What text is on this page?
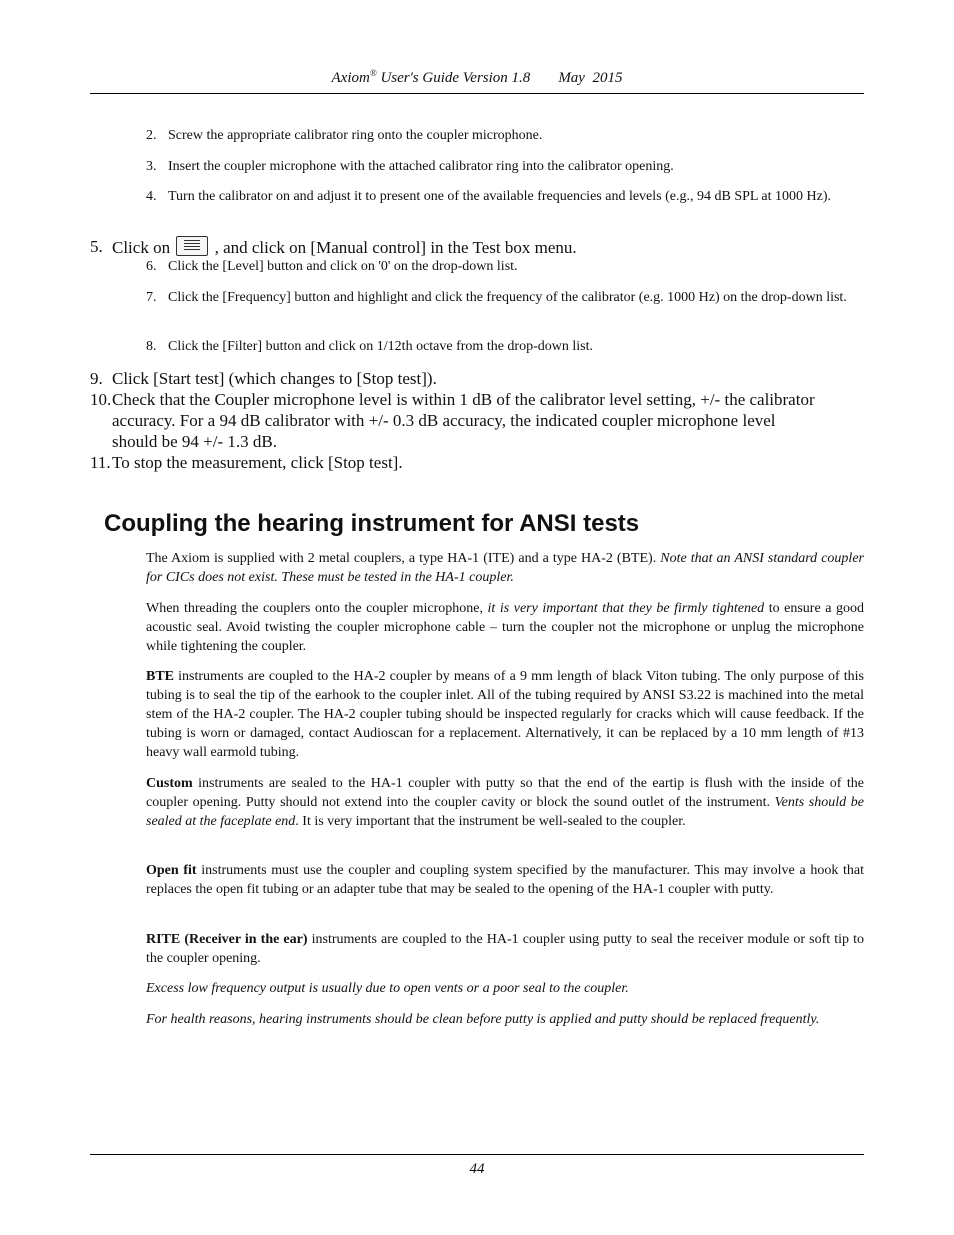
Axiom® User's Guide Version 1.8 May  2015
2. Screw the appropriate calibrator ring onto the coupler microphone.
3. Insert the coupler microphone with the attached calibrator ring into the calibrator opening.
4. Turn the calibrator on and adjust it to present one of the available frequencies and levels (e.g., 94 dB SPL at 1000 Hz).
5. Click on	, and click on [Manual control] in the Test box menu.
6. Click the [Level] button and click on '0' on the drop-down list.
7. Click the [Frequency] button and highlight and click the frequency of the calibrator (e.g. 1000 Hz) on the drop-down list.
8. Click the [Filter] button and click on 1/12th octave from the drop-down list.
9. Click [Start test] (which changes to [Stop test]).
10. Check that the Coupler microphone level is within 1 dB of the calibrator level setting, +/- the calibrator accuracy. For a 94 dB calibrator with +/- 0.3 dB accuracy, the indicated coupler microphone level should be 94 +/- 1.3 dB.
11. To stop the measurement, click [Stop test].
Coupling the hearing instrument for ANSI tests
The Axiom is supplied with 2 metal couplers, a type HA-1 (ITE) and a type HA-2 (BTE). Note that an ANSI standard coupler for CICs does not exist. These must be tested in the HA-1 coupler.
When threading the couplers onto the coupler microphone, it is very important that they be firmly tightened to ensure a good acoustic seal. Avoid twisting the coupler microphone cable – turn the coupler not the microphone or unplug the microphone while tightening the coupler.
BTE instruments are coupled to the HA-2 coupler by means of a 9 mm length of black Viton tubing. The only purpose of this tubing is to seal the tip of the earhook to the coupler inlet. All of the tubing required by ANSI S3.22 is machined into the metal stem of the HA-2 coupler. The HA-2 coupler tubing should be inspected regularly for cracks which will cause feedback. If the tubing is worn or damaged, contact Audioscan for a replacement. Alternatively, it can be replaced by a 10 mm length of #13 heavy wall earmold tubing.
Custom instruments are sealed to the HA-1 coupler with putty so that the end of the eartip is flush with the inside of the coupler opening. Putty should not extend into the coupler cavity or block the sound outlet of the instrument. Vents should be sealed at the faceplate end. It is very important that the instrument be well-sealed to the coupler.
Open fit instruments must use the coupler and coupling system specified by the manufacturer. This may involve a hook that replaces the open fit tubing or an adapter tube that may be sealed to the opening of the HA-1 coupler with putty.
RITE (Receiver in the ear) instruments are coupled to the HA-1 coupler using putty to seal the receiver module or soft tip to the coupler opening.
Excess low frequency output is usually due to open vents or a poor seal to the coupler.
For health reasons, hearing instruments should be clean before putty is applied and putty should be replaced frequently.
44
